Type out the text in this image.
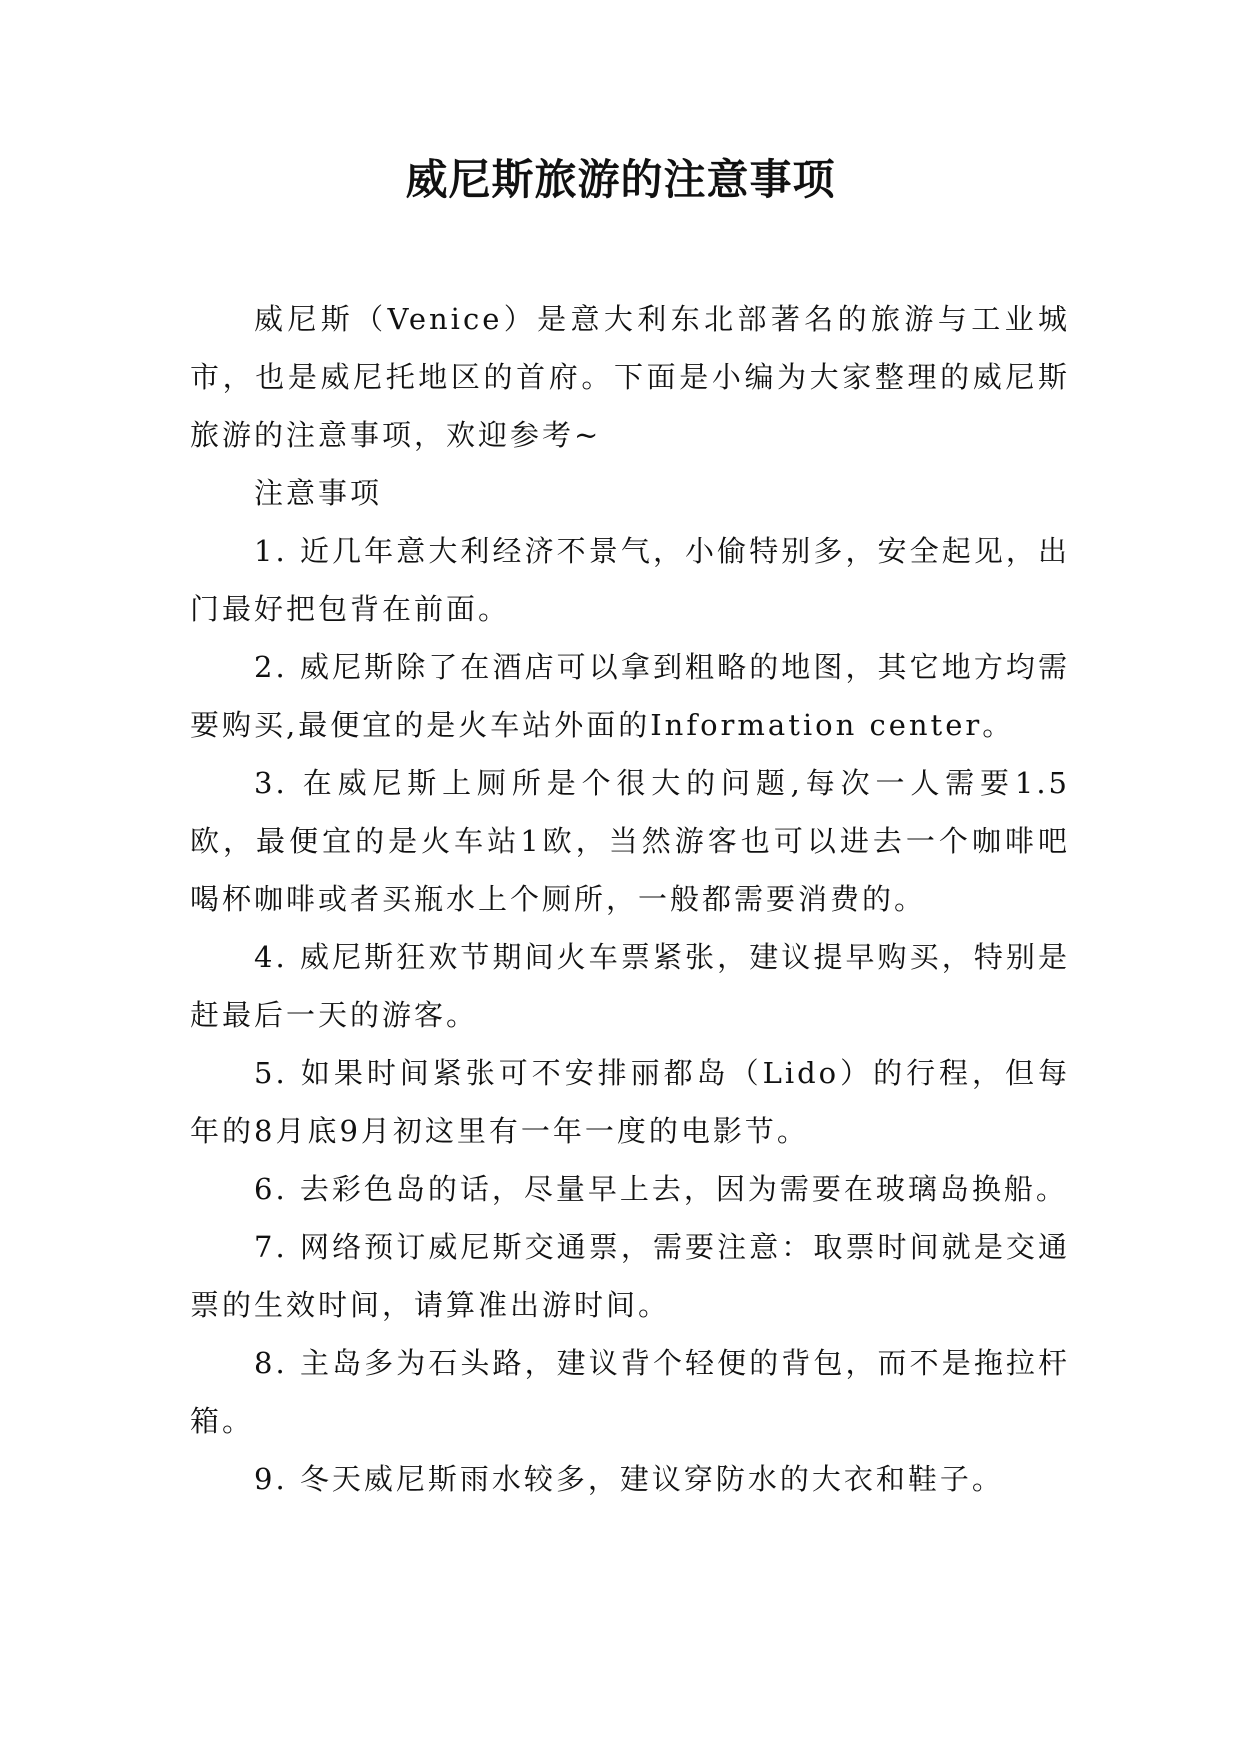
威尼斯旅游的注意事项

威尼斯（Venice）是意大利东北部著名的旅游与工业城市，也是威尼托地区的首府。下面是小编为大家整理的威尼斯旅游的注意事项，欢迎参考~

注意事项

1. 近几年意大利经济不景气，小偷特别多，安全起见，出门最好把包背在前面。

2. 威尼斯除了在酒店可以拿到粗略的地图，其它地方均需要购买,最便宜的是火车站外面的Information center。

3. 在威尼斯上厕所是个很大的问题,每次一人需要1.5欧，最便宜的是火车站1欧，当然游客也可以进去一个咖啡吧喝杯咖啡或者买瓶水上个厕所，一般都需要消费的。

4. 威尼斯狂欢节期间火车票紧张，建议提早购买，特别是赶最后一天的游客。

5. 如果时间紧张可不安排丽都岛（Lido）的行程，但每年的8月底9月初这里有一年一度的电影节。

6. 去彩色岛的话，尽量早上去，因为需要在玻璃岛换船。

7. 网络预订威尼斯交通票，需要注意：取票时间就是交通票的生效时间，请算准出游时间。

8. 主岛多为石头路，建议背个轻便的背包，而不是拖拉杆箱。

9. 冬天威尼斯雨水较多，建议穿防水的大衣和鞋子。
